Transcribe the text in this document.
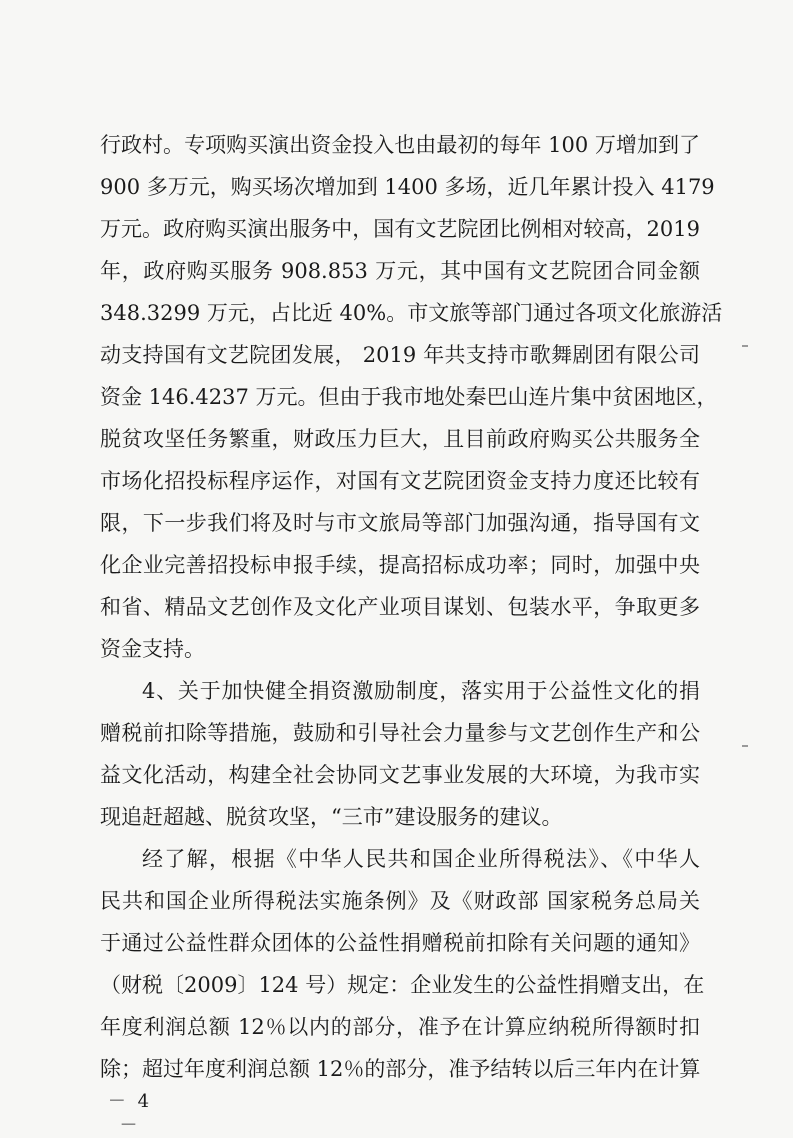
行政村。专项购买演出资金投入也由最初的每年 100 万增加到了
900 多万元，购买场次增加到 1400 多场，近几年累计投入 4179
万元。政府购买演出服务中，国有文艺院团比例相对较高，2019
年，政府购买服务 908.853 万元，其中国有文艺院团合同金额
348.3299 万元，占比近 40%。市文旅等部门通过各项文化旅游活
动支持国有文艺院团发展， 2019 年共支持市歌舞剧团有限公司
资金 146.4237 万元。但由于我市地处秦巴山连片集中贫困地区，
脱贫攻坚任务繁重，财政压力巨大，且目前政府购买公共服务全
市场化招投标程序运作，对国有文艺院团资金支持力度还比较有
限，下一步我们将及时与市文旅局等部门加强沟通，指导国有文
化企业完善招投标申报手续，提高招标成功率；同时，加强中央
和省、精品文艺创作及文化产业项目谋划、包装水平，争取更多
资金支持。
4、关于加快健全捐资激励制度，落实用于公益性文化的捐
赠税前扣除等措施，鼓励和引导社会力量参与文艺创作生产和公
益文化活动，构建全社会协同文艺事业发展的大环境，为我市实
现追赶超越、脱贫攻坚，“三市”建设服务的建议。
经了解，根据《中华人民共和国企业所得税法》、《中华人
民共和国企业所得税法实施条例》及《财政部 国家税务总局关
于通过公益性群众团体的公益性捐赠税前扣除有关问题的通知》
（财税〔2009〕124 号）规定：企业发生的公益性捐赠支出，在
年度利润总额 12％以内的部分，准予在计算应纳税所得额时扣
除；超过年度利润总额 12％的部分，准予结转以后三年内在计算
－ 4 －
